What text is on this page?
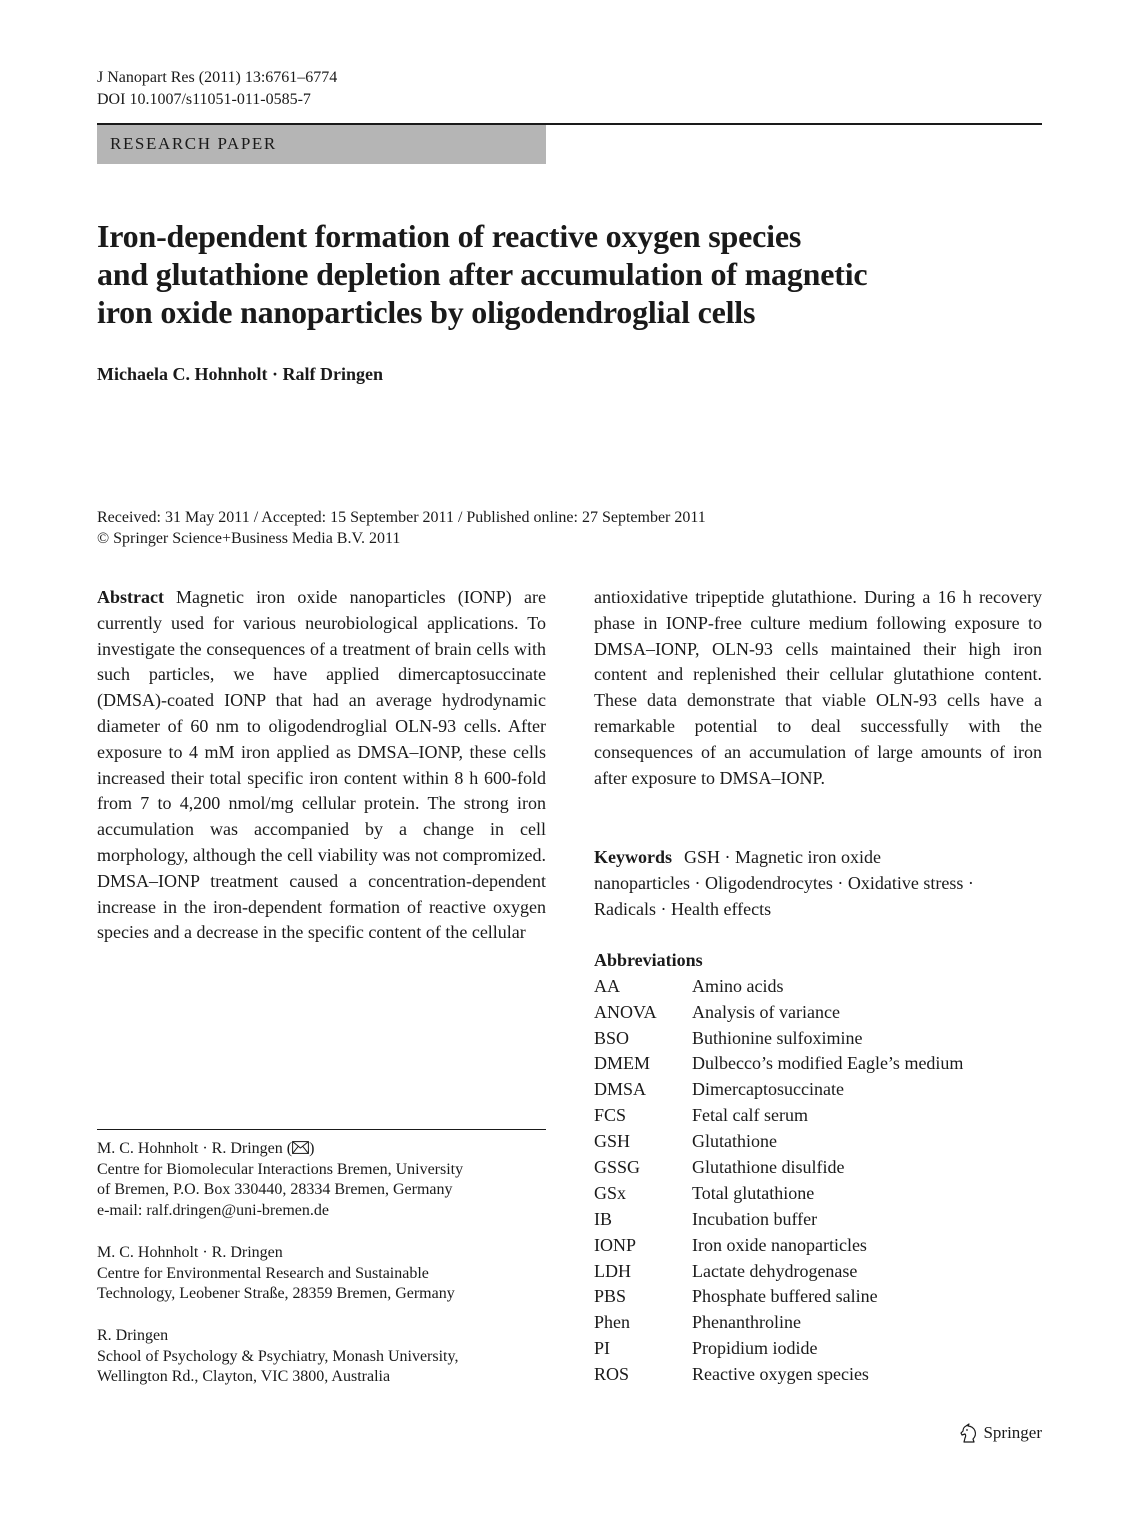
J Nanopart Res (2011) 13:6761–6774
DOI 10.1007/s11051-011-0585-7
RESEARCH PAPER
Iron-dependent formation of reactive oxygen species
and glutathione depletion after accumulation of magnetic
iron oxide nanoparticles by oligodendroglial cells
Michaela C. Hohnholt · Ralf Dringen
Received: 31 May 2011 / Accepted: 15 September 2011 / Published online: 27 September 2011
© Springer Science+Business Media B.V. 2011

Abstract Magnetic iron oxide nanoparticles (IONP) are currently used for various neurobiological applications. To investigate the consequences of a treatment of brain cells with such particles, we have applied dimercaptosuccinate (DMSA)-coated IONP that had an average hydrodynamic diameter of 60 nm to oligodendroglial OLN-93 cells. After exposure to 4 mM iron applied as DMSA–IONP, these cells increased their total specific iron content within 8 h 600-fold from 7 to 4,200 nmol/mg cellular protein. The strong iron accumulation was accompanied by a change in cell morphology, although the cell viability was not compromized. DMSA–IONP treatment caused a concentration-dependent increase in the iron-dependent formation of reactive oxygen species and a decrease in the specific content of the cellular

antioxidative tripeptide glutathione. During a 16 h recovery phase in IONP-free culture medium following exposure to DMSA–IONP, OLN-93 cells maintained their high iron content and replenished their cellular glutathione content. These data demonstrate that viable OLN-93 cells have a remarkable potential to deal successfully with the consequences of an accumulation of large amounts of iron after exposure to DMSA–IONP.

Keywords GSH · Magnetic iron oxide
nanoparticles · Oligodendrocytes · Oxidative stress ·
Radicals · Health effects
Abbreviations
AA	Amino acids
ANOVA Analysis of variance
BSO	Buthionine sulfoximine
DMEM Dulbecco’s modified Eagle’s medium
DMSA	Dimercaptosuccinate
FCS	Fetal calf serum
GSH	Glutathione
GSSG	Glutathione disulfide
GSx	Total glutathione
IB	Incubation buffer
IONP	Iron oxide nanoparticles
LDH	Lactate dehydrogenase
PBS	Phosphate buffered saline
Phen	Phenanthroline
PI	Propidium iodide
ROS	Reactive oxygen species
M. C. Hohnholt · R. Dringen ( )
Centre for Biomolecular Interactions Bremen, University
of Bremen, P.O. Box 330440, 28334 Bremen, Germany
e-mail: ralf.dringen@uni-bremen.de
M. C. Hohnholt · R. Dringen
Centre for Environmental Research and Sustainable
Technology, Leobener Straße, 28359 Bremen, Germany
R. Dringen
School of Psychology & Psychiatry, Monash University,
Wellington Rd., Clayton, VIC 3800, Australia
Springer
